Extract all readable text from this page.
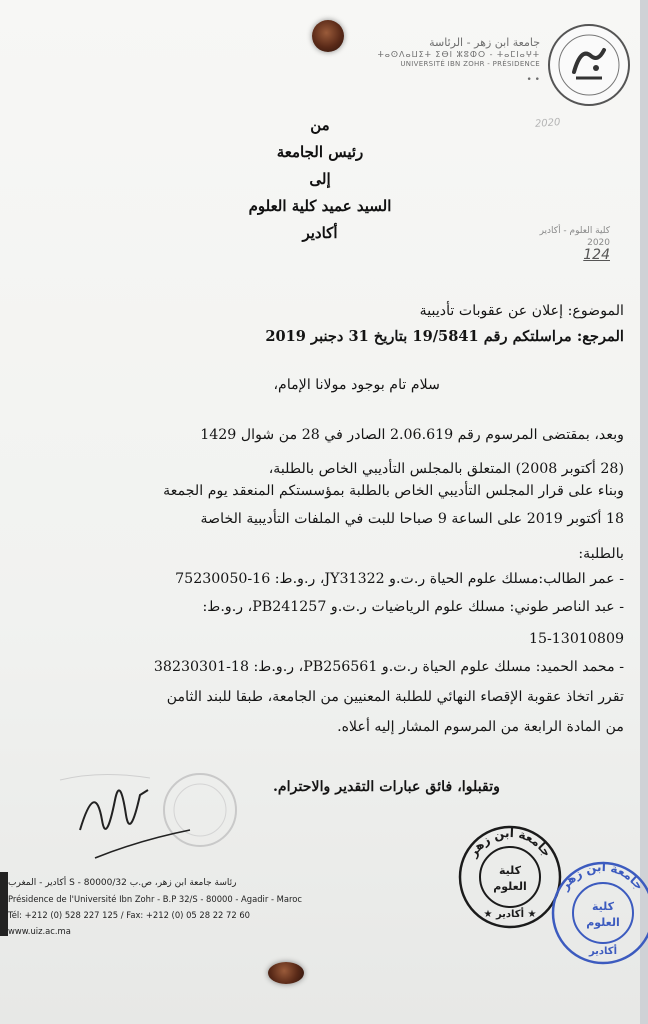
جامعة ابن زهر - الرئاسة
ⵜⴰⵙⴷⴰⵡⵉⵜ ⵉⴱⵏ ⵣⵓⵀⵔ - ⵜⴰⵎⵏⴰⵖⵜ
UNIVERSITÉ IBN ZOHR - PRÉSIDENCE
• •
2020
من
رئيس الجامعة
إلى
السيد عميد كلية العلوم
أكادير	كلية العلوم - أكادير
2020
124
الموضوع: إعلان عن عقوبات تأديبية
المرجع: مراسلتكم رقم 19/5841 بتاريخ 31 دجنبر 2019
سلام تام بوجود مولانا الإمام،
وبعد، بمقتضى المرسوم رقم 2.06.619 الصادر في 28 من شوال 1429
(28 أكتوبر 2008) المتعلق بالمجلس التأديبي الخاص بالطلبة،
وبناء على قرار المجلس التأديبي الخاص بالطلبة بمؤسستكم المنعقد يوم الجمعة
18 أكتوبر 2019 على الساعة 9 صباحا للبت في الملفات التأديبية الخاصة
بالطلبة:
- عمر الطالب:مسلك علوم الحياة ر.ت.و JY31322، ر.و.ط: 16-75230050
- عبد الناصر طوني: مسلك علوم الرياضيات ر.ت.و PB241257، ر.و.ط:
15-13010809
- محمد الحميد: مسلك علوم الحياة ر.ت.و PB256561، ر.و.ط: 18-38230301
تقرر اتخاذ عقوبة الإقصاء النهائي للطلبة المعنيين من الجامعة، طبقا للبند الثامن
من المادة الرابعة من المرسوم المشار إليه أعلاه.
وتقبلوا، فائق عبارات التقدير والاحترام.
رئاسة جامعة ابن زهر، ص.ب 32/S - 80000 أكادير - المغرب
Présidence de l'Université Ibn Zohr - B.P 32/S - 80000 - Agadir - Maroc
Tél: +212 (0) 528 227 125 / Fax: +212 (0) 05 28 22 72 60
www.uiz.ac.ma
جامعة ابن زهر
كلية
العلوم
★ أكادير ★
جامعة ابن زهر
كلية
العلوم
أكادير
